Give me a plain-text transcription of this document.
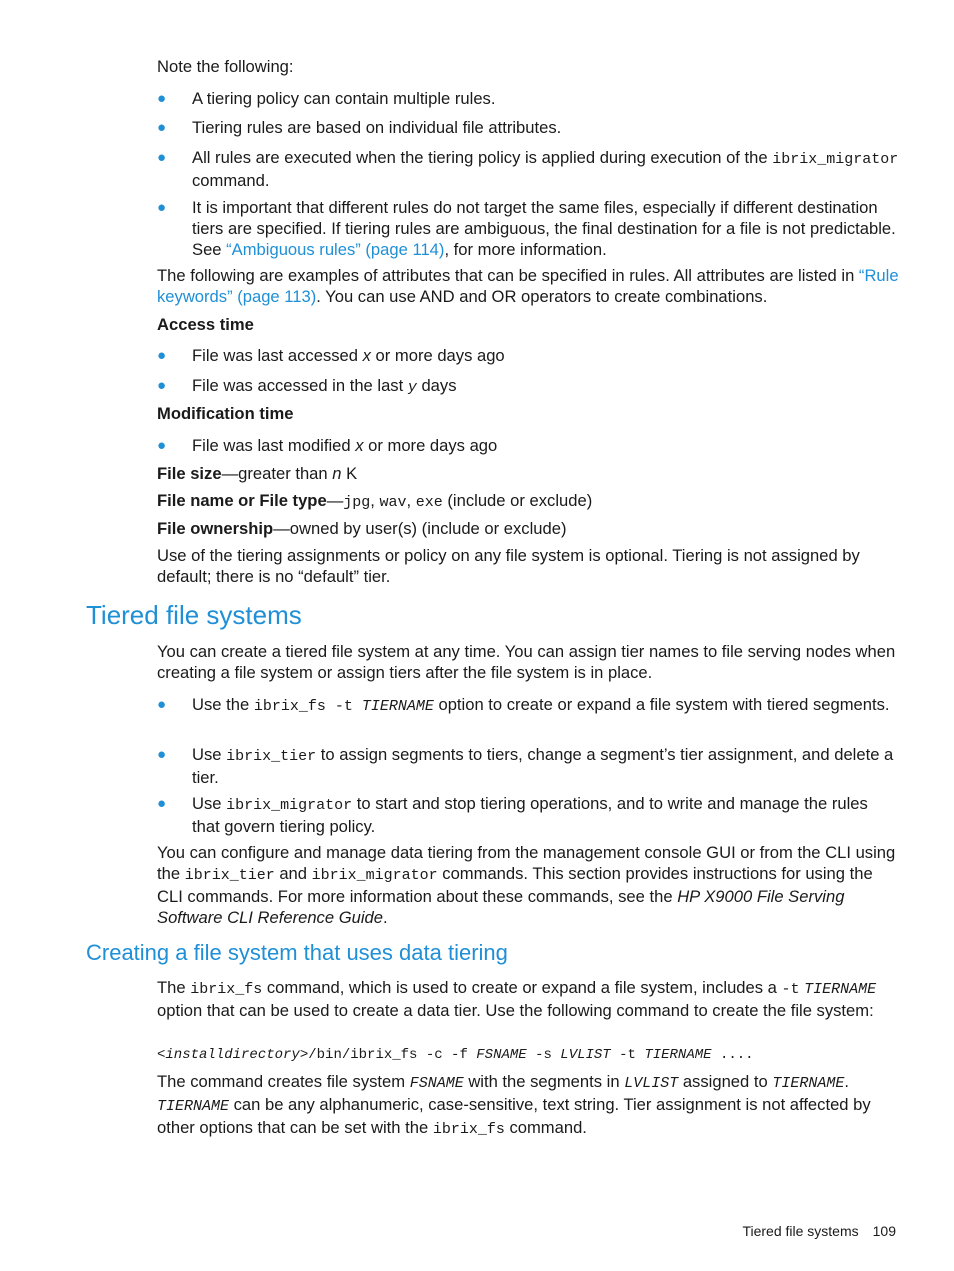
Note the following:

● A tiering policy can contain multiple rules.
● Tiering rules are based on individual file attributes.
● All rules are executed when the tiering policy is applied during execution of the ibrix_migrator command.
● It is important that different rules do not target the same files, especially if different destination tiers are specified. If tiering rules are ambiguous, the final destination for a file is not predictable. See “Ambiguous rules” (page 114), for more information.

The following are examples of attributes that can be specified in rules. All attributes are listed in “Rule keywords” (page 113). You can use AND and OR operators to create combinations.

Access time

● File was last accessed x or more days ago
● File was accessed in the last y days

Modification time

● File was last modified x or more days ago

File size—greater than n K

File name or File type—jpg, wav, exe (include or exclude)

File ownership—owned by user(s) (include or exclude)

Use of the tiering assignments or policy on any file system is optional. Tiering is not assigned by default; there is no “default” tier.

Tiered file systems

You can create a tiered file system at any time. You can assign tier names to file serving nodes when creating a file system or assign tiers after the file system is in place.

● Use the ibrix_fs -t TIERNAME option to create or expand a file system with tiered segments.
● Use ibrix_tier to assign segments to tiers, change a segment’s tier assignment, and delete a tier.
● Use ibrix_migrator to start and stop tiering operations, and to write and manage the rules that govern tiering policy.

You can configure and manage data tiering from the management console GUI or from the CLI using the ibrix_tier and ibrix_migrator commands. This section provides instructions for using the CLI commands. For more information about these commands, see the HP X9000 File Serving Software CLI Reference Guide.

Creating a file system that uses data tiering

The ibrix_fs command, which is used to create or expand a file system, includes a -t TIERNAME option that can be used to create a data tier. Use the following command to create the file system:

<installdirectory>/bin/ibrix_fs -c -f FSNAME -s LVLIST -t TIERNAME ....

The command creates file system FSNAME with the segments in LVLIST assigned to TIERNAME. TIERNAME can be any alphanumeric, case-sensitive, text string. Tier assignment is not affected by other options that can be set with the ibrix_fs command.

Tiered file systems 109
